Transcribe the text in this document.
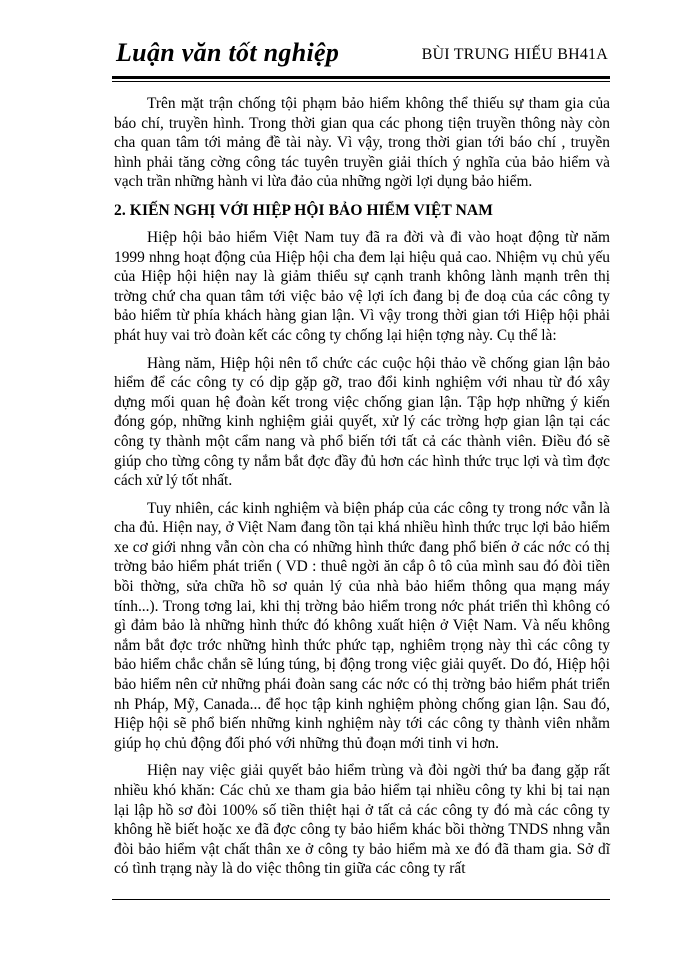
Luận văn tốt nghiệp	BÙI TRUNG HIẾU BH41A

Trên mặt trận chống tội phạm bảo hiểm không thể thiếu sự tham gia của báo chí, truyền hình. Trong thời gian qua các phong tiện truyền thông này còn cha quan tâm tới mảng đề tài này. Vì vậy, trong thời gian tới báo chí , truyền hình phải tăng cờng công tác tuyên truyền giải thích ý nghĩa của bảo hiểm và vạch trần những hành vi lừa đảo của những ngời lợi dụng bảo hiểm.

2. KIẾN NGHỊ VỚI HIỆP HỘI BẢO HIỂM VIỆT NAM

Hiệp hội bảo hiểm Việt Nam tuy đã ra đời và đi vào hoạt động từ năm 1999 nhng hoạt động của Hiệp hội cha đem lại hiệu quả cao. Nhiệm vụ chủ yếu của Hiệp hội hiện nay là giảm thiểu sự cạnh tranh không lành mạnh trên thị trờng chứ cha quan tâm tới việc bảo vệ lợi ích đang bị đe doạ của các công ty bảo hiểm từ phía khách hàng gian lận. Vì vậy trong thời gian tới Hiệp hội phải phát huy vai trò đoàn kết các công ty chống lại hiện tợng này. Cụ thể là:

Hàng năm, Hiệp hội nên tổ chức các cuộc hội thảo về chống gian lận bảo hiểm để các công ty có dịp gặp gỡ, trao đổi kinh nghiệm với nhau từ đó xây dựng mối quan hệ đoàn kết trong việc chống gian lận. Tập hợp những ý kiến đóng góp, những kinh nghiệm giải quyết, xử lý các trờng hợp gian lận tại các công ty thành một cẩm nang và phổ biến tới tất cả các thành viên. Điều đó sẽ giúp cho từng công ty nắm bắt đợc đầy đủ hơn các hình thức trục lợi và tìm đợc cách xử lý tốt nhất.

Tuy nhiên, các kinh nghiệm và biện pháp của các công ty trong nớc vẫn là cha đủ. Hiện nay, ở Việt Nam đang tồn tại khá nhiều hình thức trục lợi bảo hiểm xe cơ giới nhng vẫn còn cha có những hình thức đang phổ biến ở các nớc có thị trờng bảo hiểm phát triển ( VD : thuê ngời ăn cắp ô tô của mình sau đó đòi tiền bồi thờng, sửa chữa hồ sơ quản lý của nhà bảo hiểm thông qua mạng máy tính...). Trong tơng lai, khi thị trờng bảo hiểm trong nớc phát triển thì không có gì đảm bảo là những hình thức đó không xuất hiện ở Việt Nam. Và nếu không nắm bắt đợc trớc những hình thức phức tạp, nghiêm trọng này thì các công ty bảo hiểm chắc chắn sẽ lúng túng, bị động trong việc giải quyết. Do đó, Hiệp hội bảo hiểm nên cử những phái đoàn sang các nớc có thị trờng bảo hiểm phát triển nh Pháp, Mỹ, Canada... để học tập kinh nghiệm phòng chống gian lận. Sau đó, Hiệp hội sẽ phổ biến những kinh nghiệm này tới các công ty thành viên nhằm giúp họ chủ động đối phó với những thủ đoạn mới tinh vi hơn.

Hiện nay việc giải quyết bảo hiểm trùng và đòi ngời thứ ba đang gặp rất nhiều khó khăn: Các chủ xe tham gia bảo hiểm tại nhiều công ty khi bị tai nạn lại lập hồ sơ đòi 100% số tiền thiệt hại ở tất cả các công ty đó mà các công ty không hề biết hoặc xe đã đợc công ty bảo hiểm khác bồi thờng TNDS nhng vẫn đòi bảo hiểm vật chất thân xe ở công ty bảo hiểm mà xe đó đã tham gia. Sở dĩ có tình trạng này là do việc thông tin giữa các công ty rất
